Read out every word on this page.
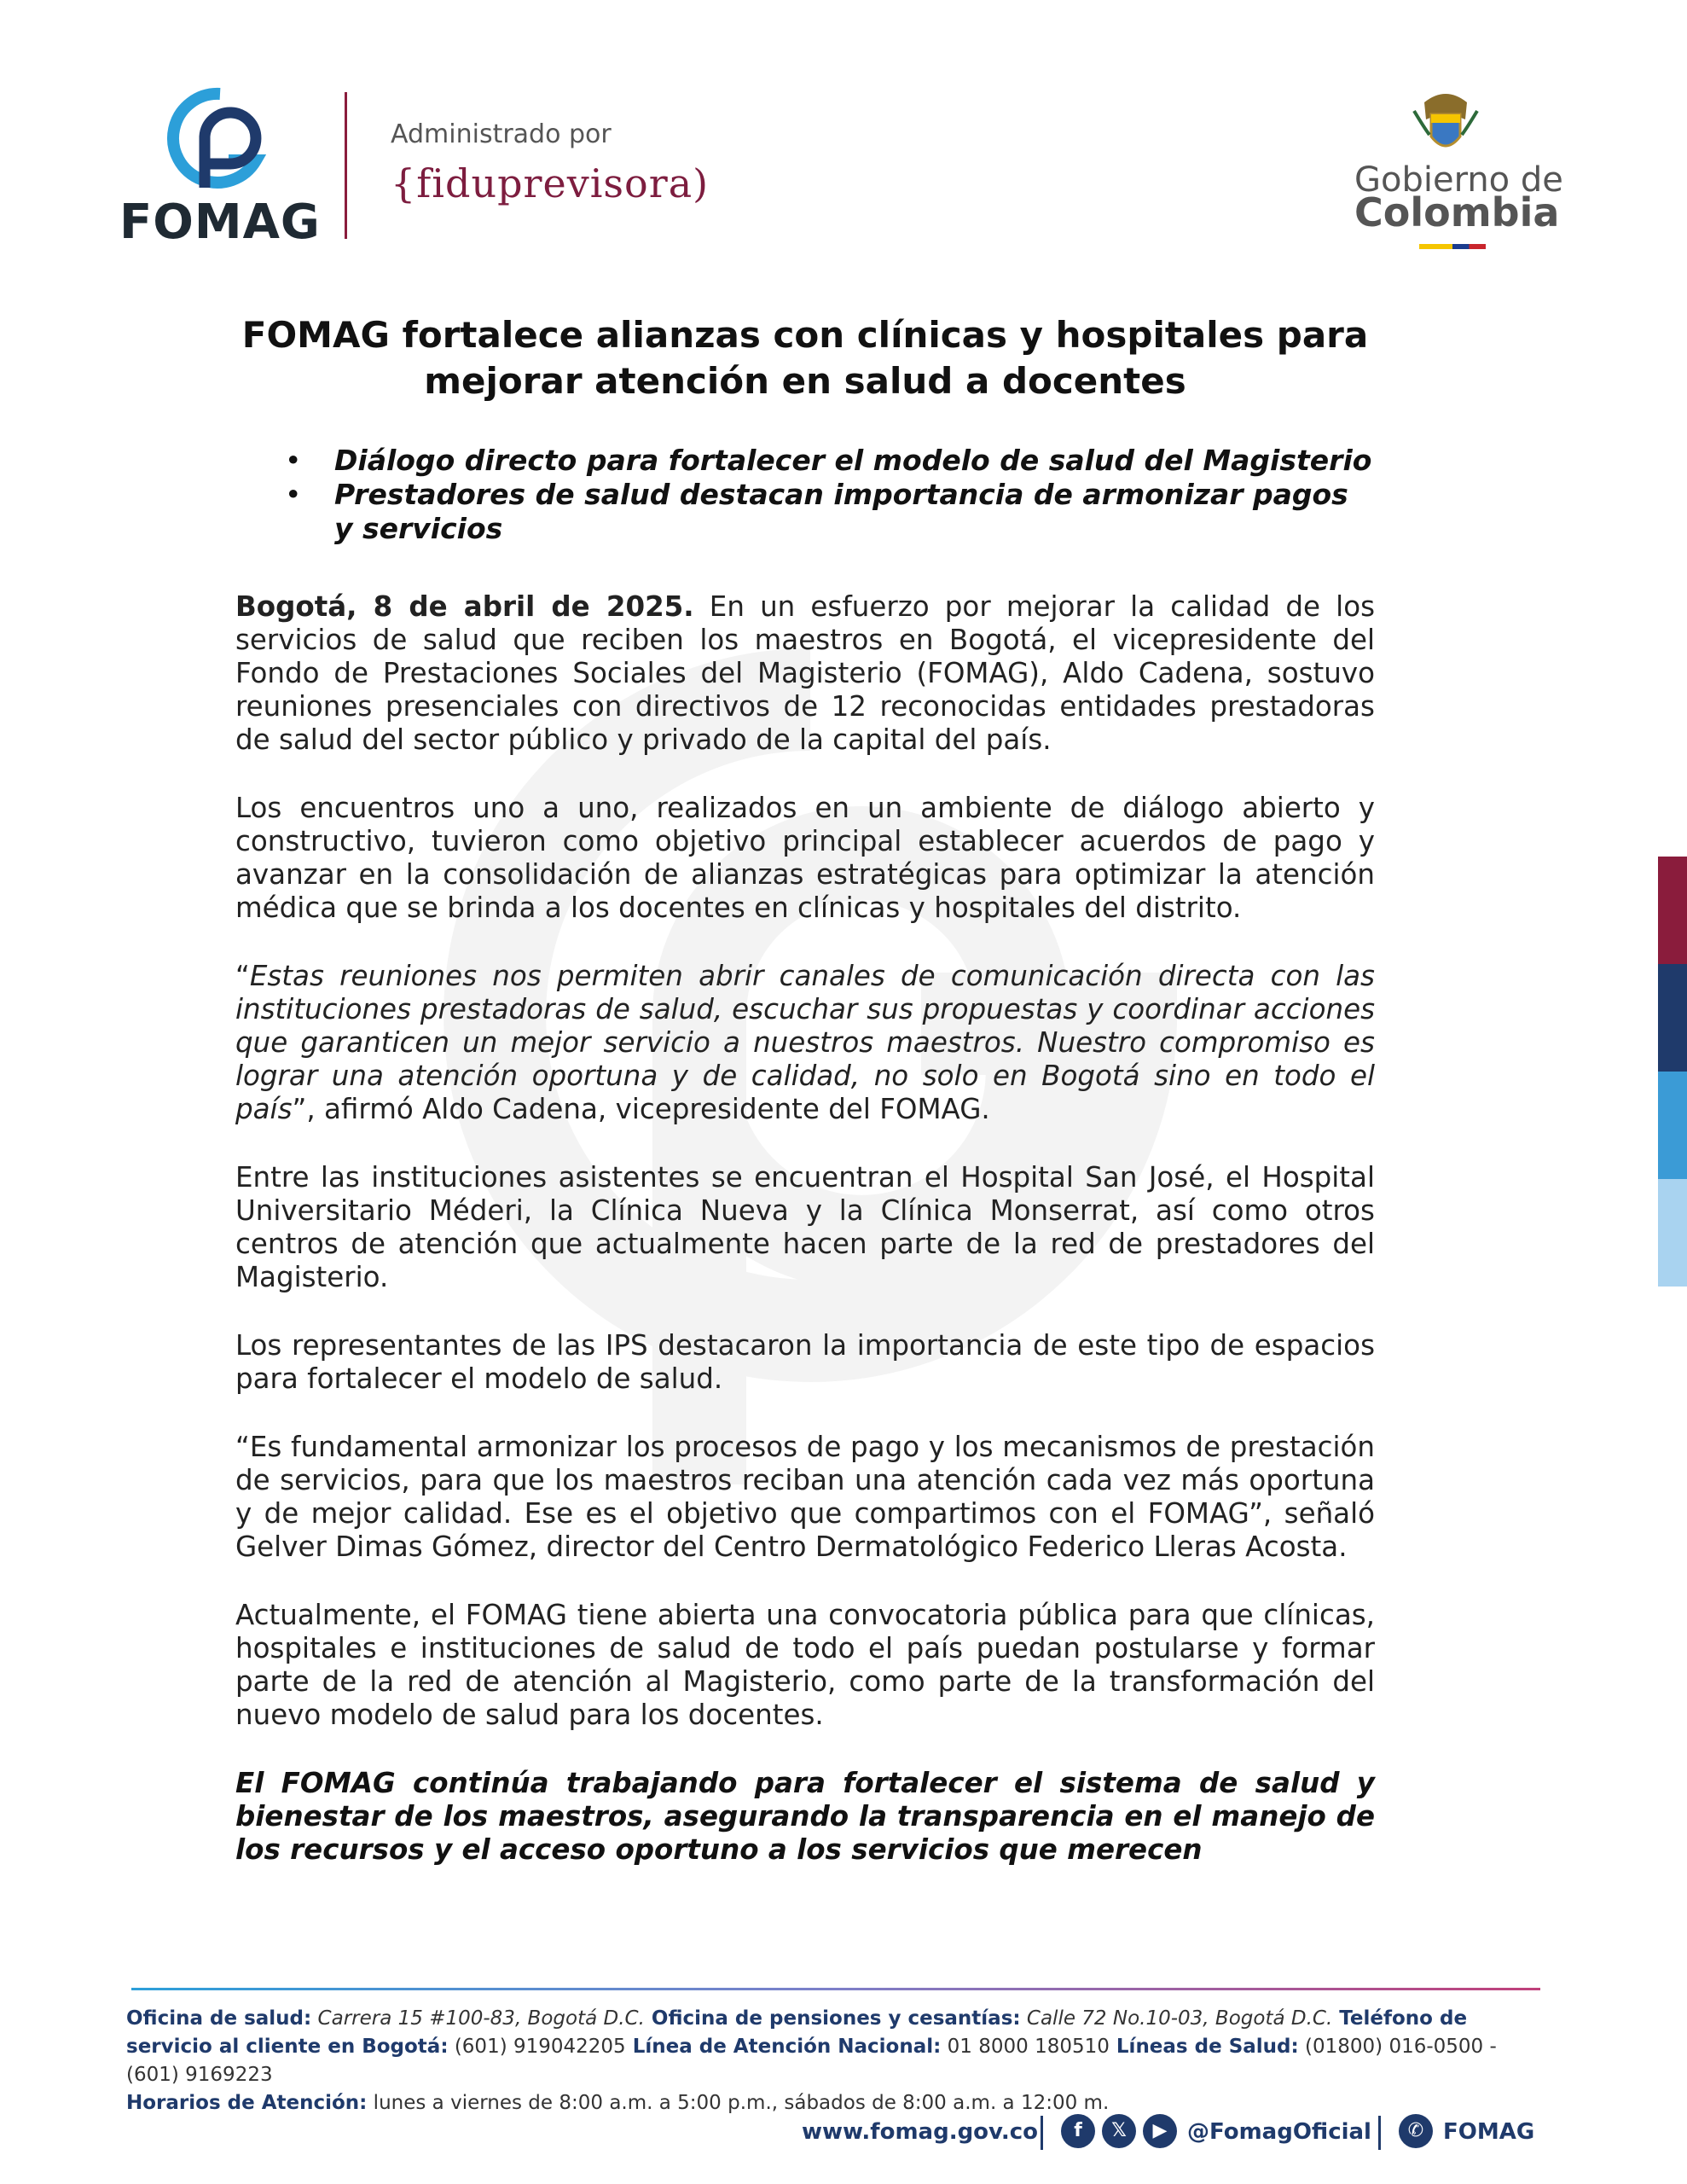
FOMAG
Administrado por
{fiduprevisora)	Gobierno de
Colombia
FOMAG fortalece alianzas con clínicas y hospitales para mejorar atención en salud a docentes
• Diálogo directo para fortalecer el modelo de salud del Magisterio
• Prestadores de salud destacan importancia de armonizar pagos y servicios

Bogotá, 8 de abril de 2025. En un esfuerzo por mejorar la calidad de los servicios de salud que reciben los maestros en Bogotá, el vicepresidente del Fondo de Prestaciones Sociales del Magisterio (FOMAG), Aldo Cadena, sostuvo reuniones presenciales con directivos de 12 reconocidas entidades prestadoras de salud del sector público y privado de la capital del país.

Los encuentros uno a uno, realizados en un ambiente de diálogo abierto y constructivo, tuvieron como objetivo principal establecer acuerdos de pago y avanzar en la consolidación de alianzas estratégicas para optimizar la atención médica que se brinda a los docentes en clínicas y hospitales del distrito.

“Estas reuniones nos permiten abrir canales de comunicación directa con las instituciones prestadoras de salud, escuchar sus propuestas y coordinar acciones que garanticen un mejor servicio a nuestros maestros. Nuestro compromiso es lograr una atención oportuna y de calidad, no solo en Bogotá sino en todo el país”, afirmó Aldo Cadena, vicepresidente del FOMAG.

Entre las instituciones asistentes se encuentran el Hospital San José, el Hospital Universitario Méderi, la Clínica Nueva y la Clínica Monserrat, así como otros centros de atención que actualmente hacen parte de la red de prestadores del Magisterio.

Los representantes de las IPS destacaron la importancia de este tipo de espacios para fortalecer el modelo de salud.

“Es fundamental armonizar los procesos de pago y los mecanismos de prestación de servicios, para que los maestros reciban una atención cada vez más oportuna y de mejor calidad. Ese es el objetivo que compartimos con el FOMAG”, señaló Gelver Dimas Gómez, director del Centro Dermatológico Federico Lleras Acosta.

Actualmente, el FOMAG tiene abierta una convocatoria pública para que clínicas, hospitales e instituciones de salud de todo el país puedan postularse y formar parte de la red de atención al Magisterio, como parte de la transformación del nuevo modelo de salud para los docentes.

El FOMAG continúa trabajando para fortalecer el sistema de salud y bienestar de los maestros, asegurando la transparencia en el manejo de los recursos y el acceso oportuno a los servicios que merecen

Oficina de salud: Carrera 15 #100-83, Bogotá D.C. Oficina de pensiones y cesantías: Calle 72 No.10-03, Bogotá D.C. Teléfono de servicio al cliente en Bogotá: (601) 919042205 Línea de Atención Nacional: 01 8000 180510 Líneas de Salud: (01800) 016-0500 - (601) 9169223
Horarios de Atención: lunes a viernes de 8:00 a.m. a 5:00 p.m., sábados de 8:00 a.m. a 12:00 m.
www.fomag.gov.co	f	𝕏	▶ @FomagOficial	✆ FOMAG
